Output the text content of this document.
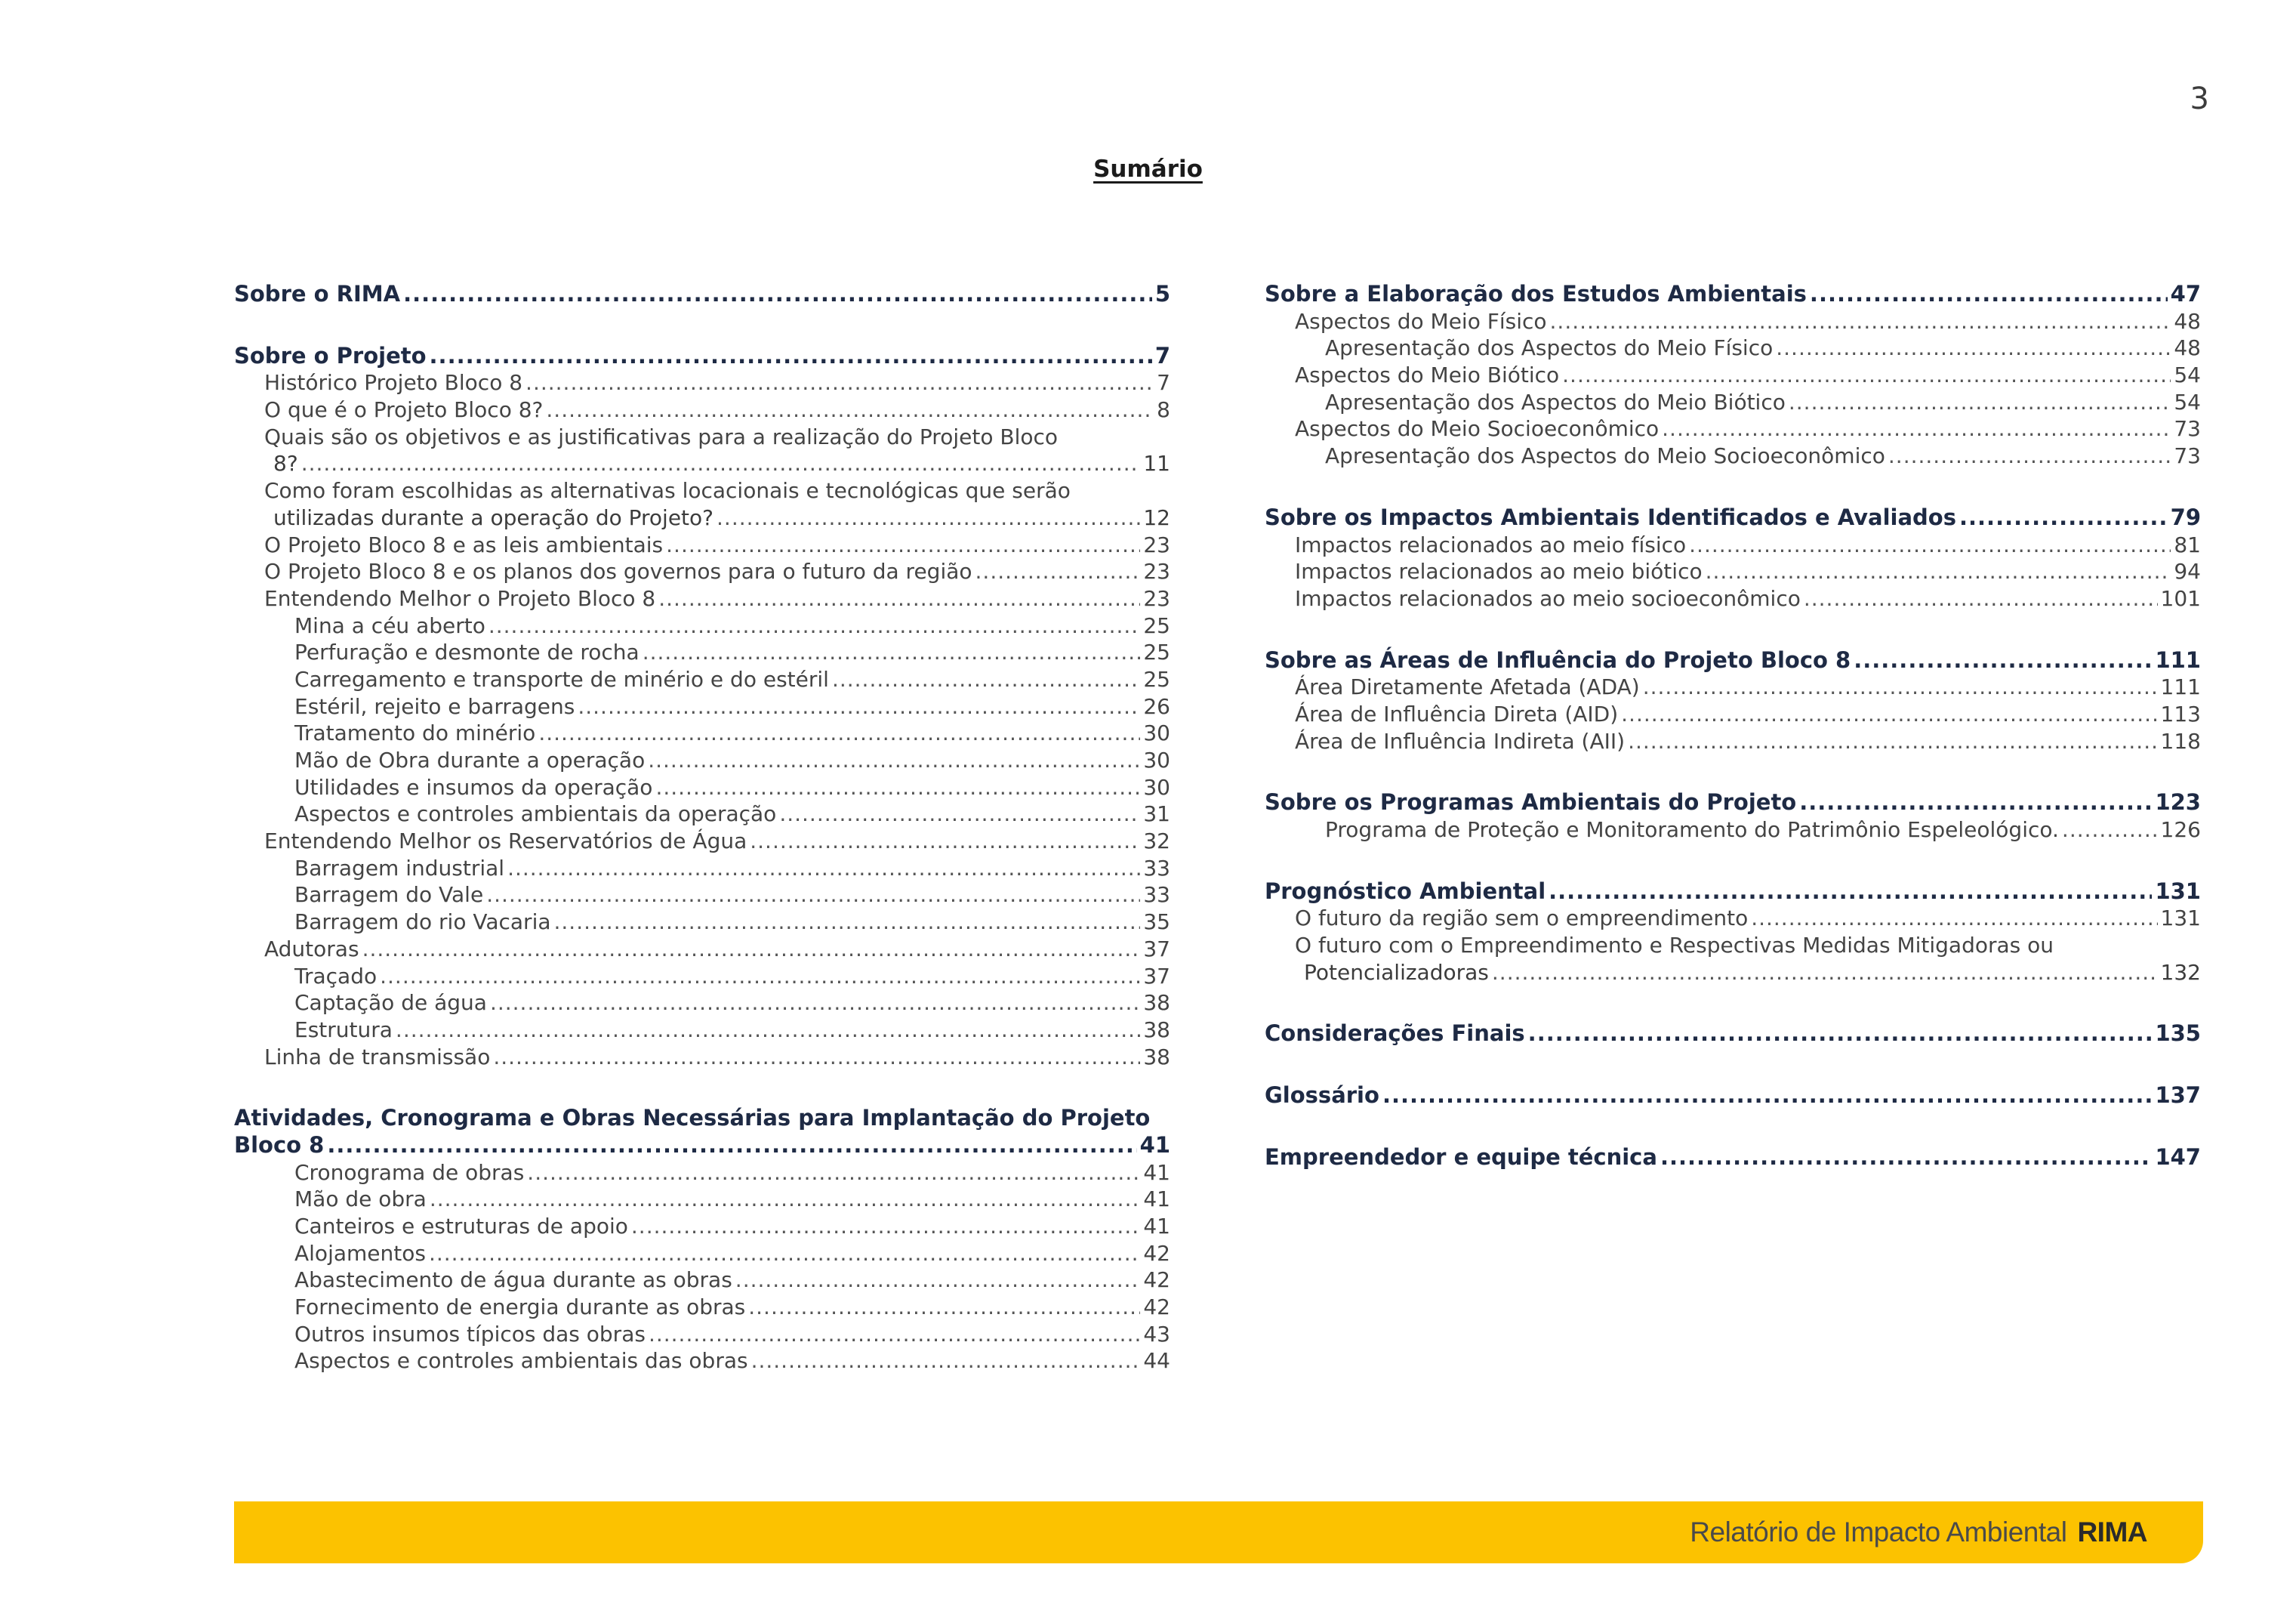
3
Sumário
Sobre o RIMA .....	5
Sobre o Projeto .....	7
Histórico Projeto Bloco 8 .....	7
O que é o Projeto Bloco 8? .....	8
Quais são os objetivos e as justificativas para a realização do Projeto Bloco
8? .....	11
Como foram escolhidas as alternativas locacionais e tecnológicas que serão
utilizadas durante a operação do Projeto? .....	12
O Projeto Bloco 8 e as leis ambientais .....	23
O Projeto Bloco 8 e os planos dos governos para o futuro da região .....	23
Entendendo Melhor o Projeto Bloco 8 .....	23
Mina a céu aberto .....	25
Perfuração e desmonte de rocha .....	25
Carregamento e transporte de minério e do estéril .....	25
Estéril, rejeito e barragens .....	26
Tratamento do minério .....	30
Mão de Obra durante a operação .....	30
Utilidades e insumos da operação .....	30
Aspectos e controles ambientais da operação .....	31
Entendendo Melhor os Reservatórios de Água .....	32
Barragem industrial .....	33
Barragem do Vale .....	33
Barragem do rio Vacaria .....	35
Adutoras .....	37
Traçado .....	37
Captação de água .....	38
Estrutura .....	38
Linha de transmissão .....	38
Atividades, Cronograma e Obras Necessárias para Implantação do Projeto
Bloco 8 .....	41
Cronograma de obras .....	41
Mão de obra .....	41
Canteiros e estruturas de apoio .....	41
Alojamentos .....	42
Abastecimento de água durante as obras .....	42
Fornecimento de energia durante as obras .....	42
Outros insumos típicos das obras .....	43
Aspectos e controles ambientais das obras .....	44
Sobre a Elaboração dos Estudos Ambientais .....	47
Aspectos do Meio Físico .....	48
Apresentação dos Aspectos do Meio Físico .....	48
Aspectos do Meio Biótico .....	54
Apresentação dos Aspectos do Meio Biótico .....	54
Aspectos do Meio Socioeconômico .....	73
Apresentação dos Aspectos do Meio Socioeconômico .....	73
Sobre os Impactos Ambientais Identificados e Avaliados .....	79
Impactos relacionados ao meio físico .....	81
Impactos relacionados ao meio biótico .....	94
Impactos relacionados ao meio socioeconômico .....	101
Sobre as Áreas de Influência do Projeto Bloco 8 .....	111
Área Diretamente Afetada (ADA) .....	111
Área de Influência Direta (AID) .....	113
Área de Influência Indireta (AII) .....	118
Sobre os Programas Ambientais do Projeto .....	123
Programa de Proteção e Monitoramento do Patrimônio Espeleológico. .....	126
Prognóstico Ambiental .....	131
O futuro da região sem o empreendimento .....	131
O futuro com o Empreendimento e Respectivas Medidas Mitigadoras ou
Potencializadoras .....	132
Considerações Finais .....	135
Glossário .....	137
Empreendedor e equipe técnica .....	147
Relatório de Impacto Ambiental RIMA
